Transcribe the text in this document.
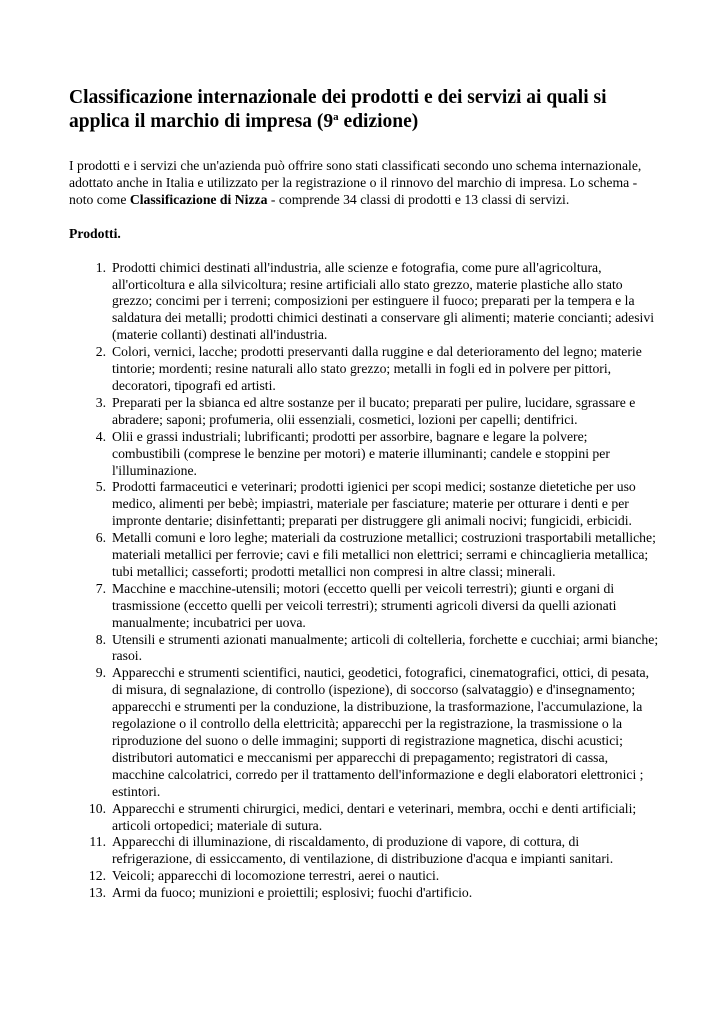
Classificazione internazionale dei prodotti e dei servizi ai quali si applica il marchio di impresa (9$^a$ edizione)

I prodotti e i servizi che un'azienda può offrire sono stati classificati secondo uno schema internazionale, adottato anche in Italia e utilizzato per la registrazione o il rinnovo del marchio di impresa. Lo schema - noto come Classificazione di Nizza - comprende 34 classi di prodotti e 13 classi di servizi.

Prodotti.

1. Prodotti chimici destinati all'industria, alle scienze e fotografia, come pure all'agricoltura, all'orticoltura e alla silvicoltura; resine artificiali allo stato grezzo, materie plastiche allo stato grezzo; concimi per i terreni; composizioni per estinguere il fuoco; preparati per la tempera e la saldatura dei metalli; prodotti chimici destinati a conservare gli alimenti; materie concianti; adesivi (materie collanti) destinati all'industria.
2. Colori, vernici, lacche; prodotti preservanti dalla ruggine e dal deterioramento del legno; materie tintorie; mordenti; resine naturali allo stato grezzo; metalli in fogli ed in polvere per pittori, decoratori, tipografi ed artisti.
3. Preparati per la sbianca ed altre sostanze per il bucato; preparati per pulire, lucidare, sgrassare e abradere; saponi; profumeria, olii essenziali, cosmetici, lozioni per capelli; dentifrici.
4. Olii e grassi industriali; lubrificanti; prodotti per assorbire, bagnare e legare la polvere; combustibili (comprese le benzine per motori) e materie illuminanti; candele e stoppini per l'illuminazione.
5. Prodotti farmaceutici e veterinari; prodotti igienici per scopi medici; sostanze dietetiche per uso medico, alimenti per bebè; impiastri, materiale per fasciature; materie per otturare i denti e per impronte dentarie; disinfettanti; preparati per distruggere gli animali nocivi; fungicidi, erbicidi.
6. Metalli comuni e loro leghe; materiali da costruzione metallici; costruzioni trasportabili metalliche; materiali metallici per ferrovie; cavi e fili metallici non elettrici; serrami e chincaglieria metallica; tubi metallici; casseforti; prodotti metallici non compresi in altre classi; minerali.
7. Macchine e macchine-utensili; motori (eccetto quelli per veicoli terrestri); giunti e organi di trasmissione (eccetto quelli per veicoli terrestri); strumenti agricoli diversi da quelli azionati manualmente; incubatrici per uova.
8. Utensili e strumenti azionati manualmente; articoli di coltelleria, forchette e cucchiai; armi bianche; rasoi.
9. Apparecchi e strumenti scientifici, nautici, geodetici, fotografici, cinematografici, ottici, di pesata, di misura, di segnalazione, di controllo (ispezione), di soccorso (salvataggio) e d'insegnamento; apparecchi e strumenti per la conduzione, la distribuzione, la trasformazione, l'accumulazione, la regolazione o il controllo della elettricità; apparecchi per la registrazione, la trasmissione o la riproduzione del suono o delle immagini; supporti di registrazione magnetica, dischi acustici; distributori automatici e meccanismi per apparecchi di prepagamento; registratori di cassa, macchine calcolatrici, corredo per il trattamento dell'informazione e degli elaboratori elettronici ; estintori.
10. Apparecchi e strumenti chirurgici, medici, dentari e veterinari, membra, occhi e denti artificiali; articoli ortopedici; materiale di sutura.
11. Apparecchi di illuminazione, di riscaldamento, di produzione di vapore, di cottura, di refrigerazione, di essiccamento, di ventilazione, di distribuzione d'acqua e impianti sanitari.
12. Veicoli; apparecchi di locomozione terrestri, aerei o nautici.
13. Armi da fuoco; munizioni e proiettili; esplosivi; fuochi d'artificio.
